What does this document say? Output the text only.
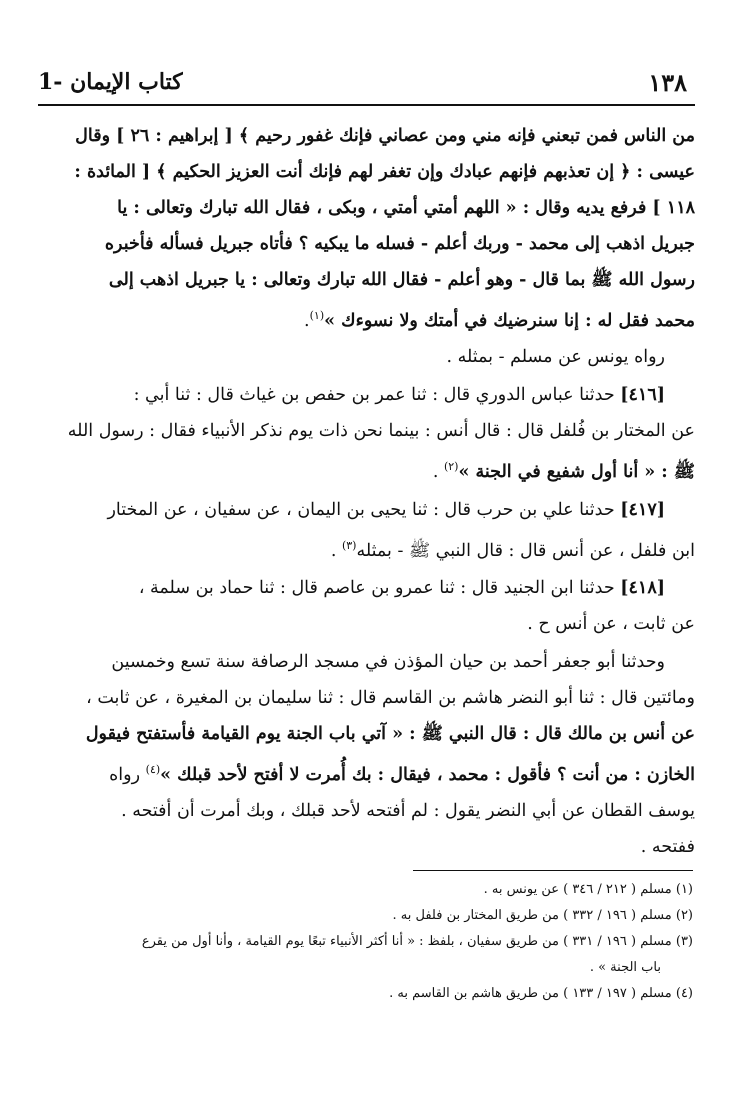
١٣٨
1- كتاب الإيمان

من الناس فمن تبعني فإنه مني ومن عصاني فإنك غفور رحيم ﴾ [ إبراهيم : ٢٦ ] وقال
عيسى : ﴿ إن تعذبهم فإنهم عبادك وإن تغفر لهم فإنك أنت العزيز الحكيم ﴾ [ المائدة :
١١٨ ] فرفع يديه وقال : « اللهم أمتي أمتي ، وبكى ، فقال الله تبارك وتعالى : يا
جبريل اذهب إلى محمد - وربك أعلم - فسله ما يبكيه ؟ فأتاه جبريل فسأله فأخبره
رسول الله ﷺ بما قال - وهو أعلم - فقال الله تبارك وتعالى : يا جبريل اذهب إلى
محمد فقل له : إنا سنرضيك في أمتك ولا نسوءك »$^{(١)}$.

رواه يونس عن مسلم - بمثله .

[٤١٦] حدثنا عباس الدوري قال : ثنا عمر بن حفص بن غياث قال : ثنا أبي :
عن المختار بن فُلفل قال : قال أنس : بينما نحن ذات يوم نذكر الأنبياء فقال : رسول الله
ﷺ : « أنا أول شفيع في الجنة »$^{(٢)}$ .

[٤١٧] حدثنا علي بن حرب قال : ثنا يحيى بن اليمان ، عن سفيان ، عن المختار
ابن فلفل ، عن أنس قال : قال النبي ﷺ - بمثله$^{(٣)}$ .

[٤١٨] حدثنا ابن الجنيد قال : ثنا عمرو بن عاصم قال : ثنا حماد بن سلمة ،
عن ثابت ، عن أنس ح .

وحدثنا أبو جعفر أحمد بن حيان المؤذن في مسجد الرصافة سنة تسع وخمسين
ومائتين قال : ثنا أبو النضر هاشم بن القاسم قال : ثنا سليمان بن المغيرة ، عن ثابت ،
عن أنس بن مالك قال : قال النبي ﷺ : « آتي باب الجنة يوم القيامة فأستفتح فيقول
الخازن : من أنت ؟ فأقول : محمد ، فيقال : بك أُمرت لا أفتح لأحد قبلك »$^{(٤)}$ رواه
يوسف القطان عن أبي النضر يقول : لم أفتحه لأحد قبلك ، وبك أمرت أن أفتحه .
ففتحه .

(١) مسلم ( ٢١٢ / ٣٤٦ ) عن يونس به .

(٢) مسلم ( ١٩٦ / ٣٣٢ ) من طريق المختار بن فلفل به .

(٣) مسلم ( ١٩٦ / ٣٣١ ) من طريق سفيان ، بلفظ : « أنا أكثر الأنبياء تبعًا يوم القيامة ، وأنا أول من يقرع

باب الجنة » .

(٤) مسلم ( ١٩٧ / ١٣٣ ) من طريق هاشم بن القاسم به .
